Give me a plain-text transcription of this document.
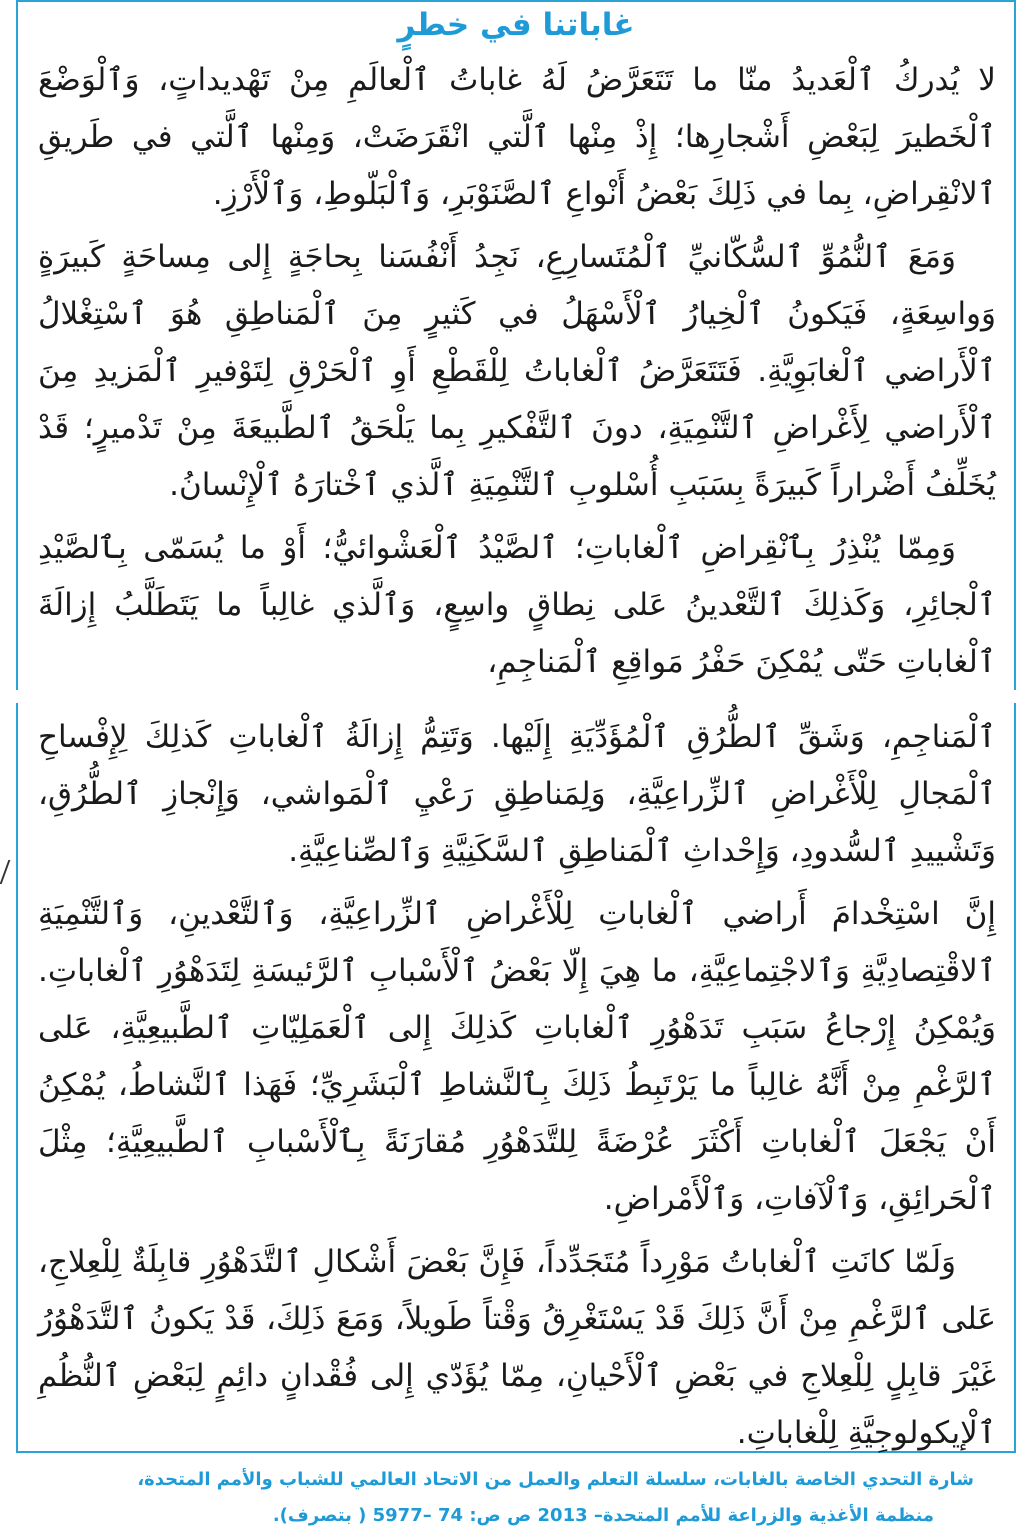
غاباتنا في خطرٍ

لا يُدركُ ٱلْعَديدُ منّا ما تَتَعَرَّضُ لَهُ غاباتُ ٱلْعالَمِ مِنْ تَهْديداتٍ، وَٱلْوَضْعَ ٱلْخَطيرَ لِبَعْضِ أَشْجارِها؛ إِذْ مِنْها ٱلَّتي انْقَرَضَتْ، وَمِنْها ٱلَّتي في طَريقِ ٱلانْقِراضِ، بِما في ذَلِكَ بَعْضُ أَنْواعِ ٱلصَّنَوْبَرِ، وَٱلْبَلّوطِ، وَٱلْأَرْزِ.

وَمَعَ ٱلنُّمُوِّ ٱلسُّكّانيِّ ٱلْمُتَسارِعِ، نَجِدُ أَنْفُسَنا بِحاجَةٍ إِلى مِساحَةٍ كَبيرَةٍ وَواسِعَةٍ، فَيَكونُ ٱلْخِيارُ ٱلْأَسْهَلُ في كَثيرٍ مِنَ ٱلْمَناطِقِ هُوَ ٱسْتِغْلالُ ٱلْأَراضي ٱلْغابَوِيَّةِ. فَتَتَعَرَّضُ ٱلْغاباتُ لِلْقَطْعِ أَوِ ٱلْحَرْقِ لِتَوْفيرِ ٱلْمَزيدِ مِنَ ٱلْأَراضي لِأَغْراضِ ٱلتَّنْمِيَةِ، دونَ ٱلتَّفْكيرِ بِما يَلْحَقُ ٱلطَّبيعَةَ مِنْ تَدْميرٍ؛ قَدْ يُخَلِّفُ أَضْراراً كَبيرَةً بِسَبَبِ أُسْلوبِ ٱلتَّنْمِيَةِ ٱلَّذي ٱخْتارَهُ ٱلْإِنْسانُ.

وَمِمّا يُنْذِرُ بِٱنْقِراضِ ٱلْغاباتِ؛ ٱلصَّيْدُ ٱلْعَشْوائيُّ؛ أَوْ ما يُسَمّى بِٱلصَّيْدِ ٱلْجائِرِ، وَكَذلِكَ ٱلتَّعْدينُ عَلى نِطاقٍ واسِعٍ، وَٱلَّذي غالِباً ما يَتَطَلَّبُ إِزالَةَ ٱلْغاباتِ حَتّى يُمْكِنَ حَفْرُ مَواقِعِ ٱلْمَناجِمِ،

ٱلْمَناجِمِ، وَشَقِّ ٱلطُّرُقِ ٱلْمُؤَدِّيَةِ إِلَيْها. وَتَتِمُّ إِزالَةُ ٱلْغاباتِ كَذلِكَ لِإِفْساحِ ٱلْمَجالِ لِلْأَغْراضِ ٱلزِّراعِيَّةِ، وَلِمَناطِقِ رَعْيِ ٱلْمَواشي، وَإِنْجازِ ٱلطُّرُقِ، وَتَشْييدِ ٱلسُّدودِ، وَإِحْداثِ ٱلْمَناطِقِ ٱلسَّكَنِيَّةِ وَٱلصِّناعِيَّةِ.

إِنَّ اسْتِخْدامَ أَراضي ٱلْغاباتِ لِلْأَغْراضِ ٱلزِّراعِيَّةِ، وَٱلتَّعْدينِ، وَٱلتَّنْمِيَةِ ٱلاقْتِصادِيَّةِ وَٱلاجْتِماعِيَّةِ، ما هِيَ إِلّا بَعْضُ ٱلْأَسْبابِ ٱلرَّئيسَةِ لِتَدَهْوُرِ ٱلْغاباتِ. وَيُمْكِنُ إِرْجاعُ سَبَبِ تَدَهْوُرِ ٱلْغاباتِ كَذلِكَ إِلى ٱلْعَمَلِيّاتِ ٱلطَّبيعِيَّةِ، عَلى ٱلرَّغْمِ مِنْ أَنَّهُ غالِباً ما يَرْتَبِطُ ذَلِكَ بِٱلنَّشاطِ ٱلْبَشَرِيِّ؛ فَهَذا ٱلنَّشاطُ، يُمْكِنُ أَنْ يَجْعَلَ ٱلْغاباتِ أَكْثَرَ عُرْضَةً لِلتَّدَهْوُرِ مُقارَنَةً بِٱلْأَسْبابِ ٱلطَّبيعِيَّةِ؛ مِثْلَ ٱلْحَرائِقِ، وَٱلْآفاتِ، وَٱلْأَمْراضِ.

وَلَمّا كانَتِ ٱلْغاباتُ مَوْرِداً مُتَجَدِّداً، فَإِنَّ بَعْضَ أَشْكالِ ٱلتَّدَهْوُرِ قابِلَةٌ لِلْعِلاجِ، عَلى ٱلرَّغْمِ مِنْ أَنَّ ذَلِكَ قَدْ يَسْتَغْرِقُ وَقْتاً طَويلاً، وَمَعَ ذَلِكَ، قَدْ يَكونُ ٱلتَّدَهْوُرُ غَيْرَ قابِلٍ لِلْعِلاجِ في بَعْضِ ٱلْأَحْيانِ، مِمّا يُؤَدّي إِلى فُقْدانٍ دائِمٍ لِبَعْضِ ٱلنُّظُمِ ٱلْإيكولوجِيَّةِ لِلْغاباتِ.

شارة التحدي الخاصة بالغابات، سلسلة التعلم والعمل من الاتحاد العالمي للشباب والأمم المتحدة،
منظمة الأغذية والزراعة للأمم المتحدة– 2013 ص ص: 74 –5977 ( بتصرف).
